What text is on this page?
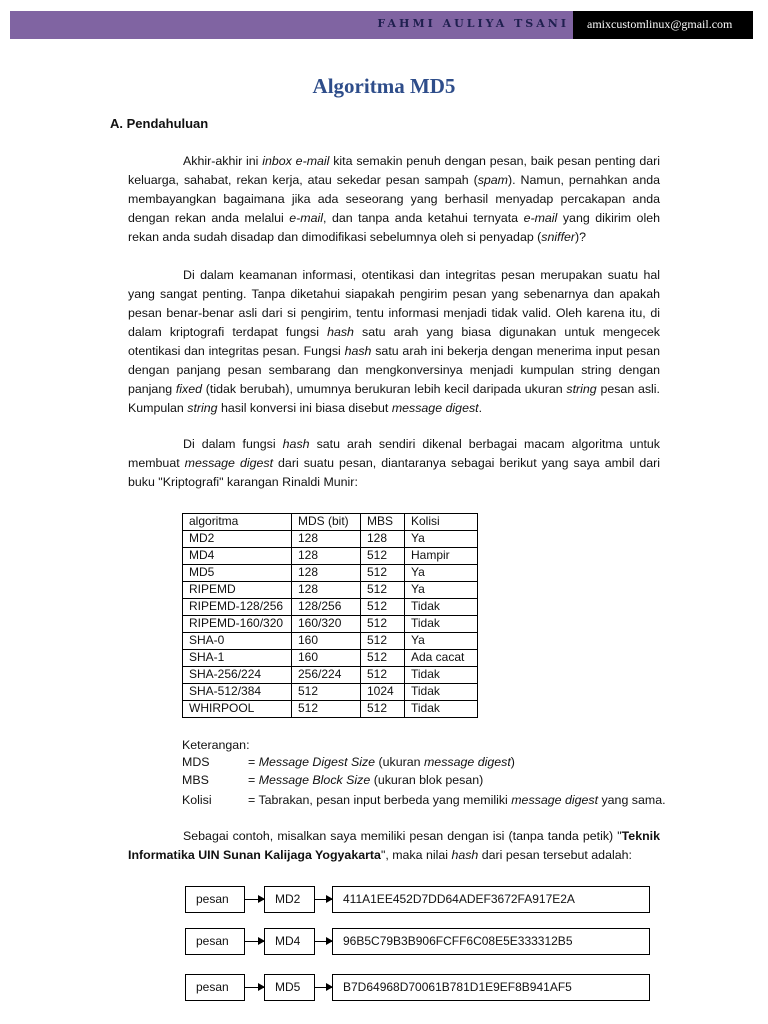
FAHMI AULIYA TSANI amixcustomlinux@gmail.com
Algoritma MD5
A. Pendahuluan

Akhir-akhir ini inbox e-mail kita semakin penuh dengan pesan, baik pesan penting dari keluarga, sahabat, rekan kerja, atau sekedar pesan sampah (spam). Namun, pernahkan anda membayangkan bagaimana jika ada seseorang yang berhasil menyadap percakapan anda dengan rekan anda melalui e-mail, dan tanpa anda ketahui ternyata e-mail yang dikirim oleh rekan anda sudah disadap dan dimodifikasi sebelumnya oleh si penyadap (sniffer)?

Di dalam keamanan informasi, otentikasi dan integritas pesan merupakan suatu hal yang sangat penting. Tanpa diketahui siapakah pengirim pesan yang sebenarnya dan apakah pesan benar-benar asli dari si pengirim, tentu informasi menjadi tidak valid. Oleh karena itu, di dalam kriptografi terdapat fungsi hash satu arah yang biasa digunakan untuk mengecek otentikasi dan integritas pesan. Fungsi hash satu arah ini bekerja dengan menerima input pesan dengan panjang pesan sembarang dan mengkonversinya menjadi kumpulan string dengan panjang fixed (tidak berubah), umumnya berukuran lebih kecil daripada ukuran string pesan asli. Kumpulan string hasil konversi ini biasa disebut message digest.

Di dalam fungsi hash satu arah sendiri dikenal berbagai macam algoritma untuk membuat message digest dari suatu pesan, diantaranya sebagai berikut yang saya ambil dari buku "Kriptografi" karangan Rinaldi Munir:

algoritma	MDS (bit)	MBS	Kolisi
MD2	128	128	Ya
MD4	128	512	Hampir
MD5	128	512	Ya
RIPEMD	128	512	Ya
RIPEMD-128/256	128/256	512	Tidak
RIPEMD-160/320	160/320	512	Tidak
SHA-0	160	512	Ya
SHA-1	160	512	Ada cacat
SHA-256/224	256/224	512	Tidak
SHA-512/384	512	1024	Tidak
WHIRPOOL	512	512	Tidak
Keterangan:
MDS	= Message Digest Size (ukuran message digest)
MBS	= Message Block Size (ukuran blok pesan)
Kolisi	= Tabrakan, pesan input berbeda yang memiliki message digest yang sama.

Sebagai contoh, misalkan saya memiliki pesan dengan isi (tanpa tanda petik) "Teknik Informatika UIN Sunan Kalijaga Yogyakarta", maka nilai hash dari pesan tersebut adalah:

pesan	MD2	411A1EE452D7DD64ADEF3672FA917E2A
pesan	MD4	96B5C79B3B906FCFF6C08E5E333312B5
pesan	MD5	B7D64968D70061B781D1E9EF8B941AF5
